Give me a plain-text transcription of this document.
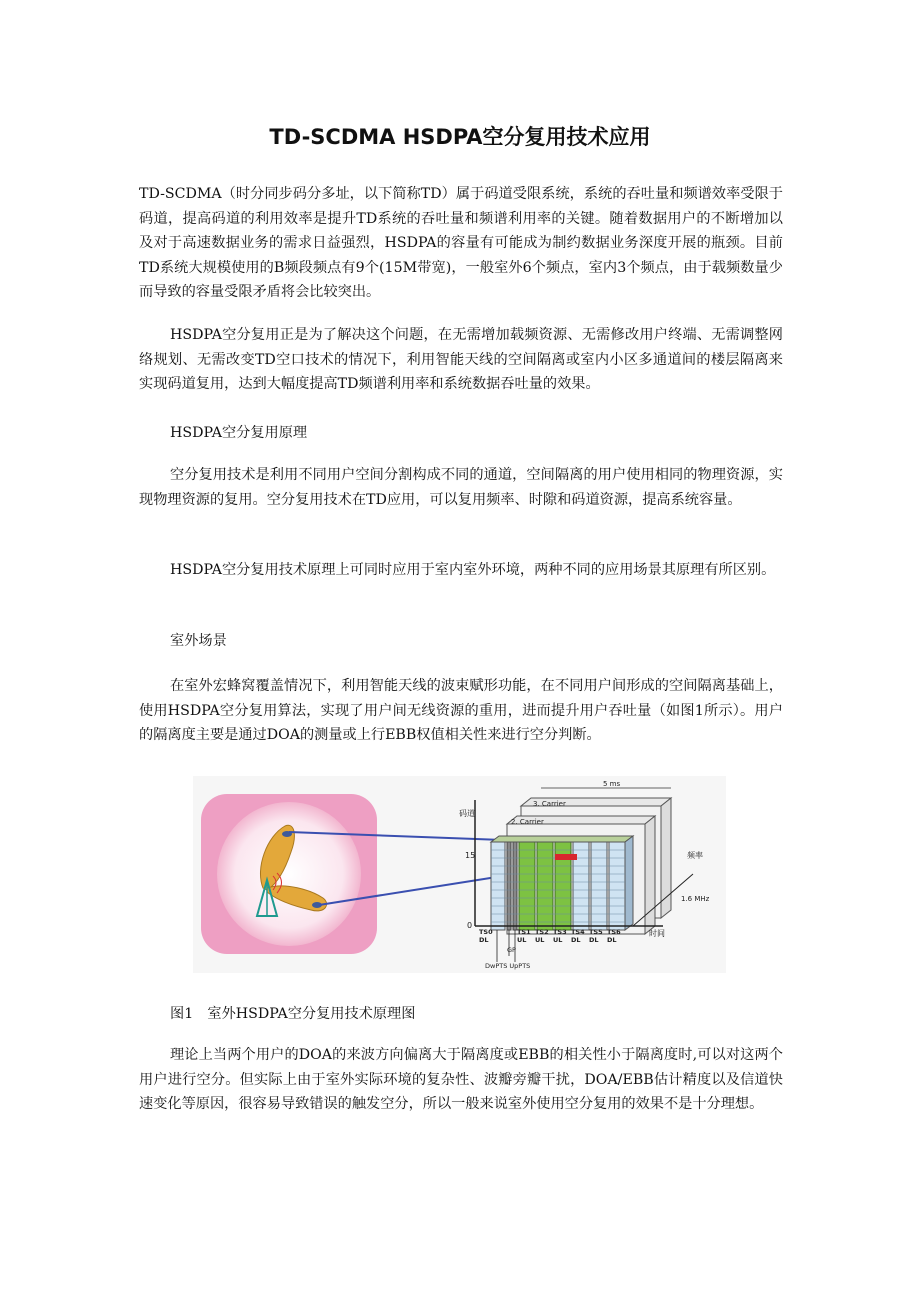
TD-SCDMA HSDPA空分复用技术应用

TD-SCDMA（时分同步码分多址，以下简称TD）属于码道受限系统，系统的吞吐量和频谱效率受限于码道，提高码道的利用效率是提升TD系统的吞吐量和频谱利用率的关键。随着数据用户的不断增加以及对于高速数据业务的需求日益强烈，HSDPA的容量有可能成为制约数据业务深度开展的瓶颈。目前TD系统大规模使用的B频段频点有9个(15M带宽)，一般室外6个频点，室内3个频点，由于载频数量少而导致的容量受限矛盾将会比较突出。

HSDPA空分复用正是为了解决这个问题，在无需增加载频资源、无需修改用户终端、无需调整网络规划、无需改变TD空口技术的情况下，利用智能天线的空间隔离或室内小区多通道间的楼层隔离来实现码道复用，达到大幅度提高TD频谱利用率和系统数据吞吐量的效果。

HSDPA空分复用原理

空分复用技术是利用不同用户空间分割构成不同的通道，空间隔离的用户使用相同的物理资源，实现物理资源的复用。空分复用技术在TD应用，可以复用频率、时隙和码道资源，提高系统容量。

HSDPA空分复用技术原理上可同时应用于室内室外环境，两种不同的应用场景其原理有所区别。

室外场景

在室外宏蜂窝覆盖情况下，利用智能天线的波束赋形功能，在不同用户间形成的空间隔离基础上，使用HSDPA空分复用算法，实现了用户间无线资源的重用，进而提升用户吞吐量（如图1所示）。用户的隔离度主要是通过DOA的测量或上行EBB权值相关性来进行空分判断。

码道
15
0
5 ms
3. Carrier
2. Carrier
频率
1.6 MHz
时间
TS0
DL
TS1
UL
TS2
UL
TS3
UL
TS4
DL
TS5
DL
TS6
DL
GP
DwPTS UpPTS

图1　室外HSDPA空分复用技术原理图

理论上当两个用户的DOA的来波方向偏离大于隔离度或EBB的相关性小于隔离度时,可以对这两个用户进行空分。但实际上由于室外实际环境的复杂性、波瓣旁瓣干扰，DOA/EBB估计精度以及信道快速变化等原因，很容易导致错误的触发空分，所以一般来说室外使用空分复用的效果不是十分理想。
